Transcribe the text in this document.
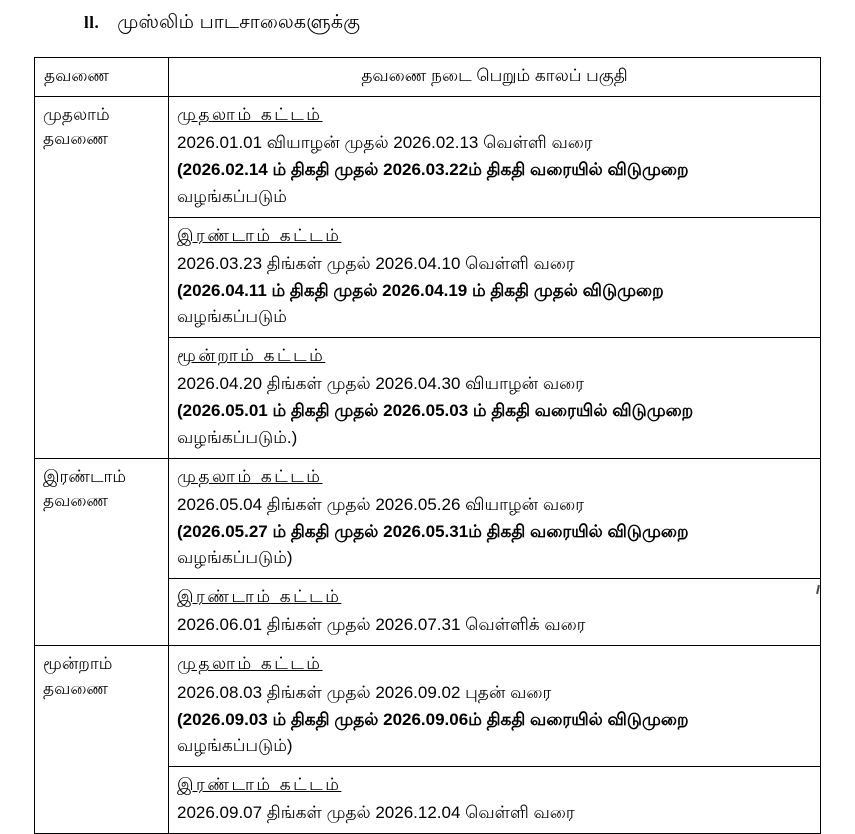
ll. முஸ்லிம் பாடசாலைகளுக்கு
தவணை	தவணை நடை பெறும் காலப் பகுதி

முதலாம்
தவணை	முதலாம் கட்டம்
2026.01.01 வியாழன் முதல் 2026.02.13 வெள்ளி வரை
(2026.02.14 ம் திகதி முதல் 2026.03.22ம் திகதி வரையில் விடுமுறை
வழங்கப்படும்

	இரண்டாம் கட்டம்
2026.03.23 திங்கள் முதல் 2026.04.10 வெள்ளி வரை
(2026.04.11 ம் திகதி முதல் 2026.04.19 ம் திகதி முதல் விடுமுறை
வழங்கப்படும்

	மூன்றாம் கட்டம்
2026.04.20 திங்கள் முதல் 2026.04.30 வியாழன் வரை
(2026.05.01 ம் திகதி முதல் 2026.05.03 ம் திகதி வரையில் விடுமுறை
வழங்கப்படும்.)

இரண்டாம்
தவணை	முதலாம் கட்டம்
2026.05.04 திங்கள் முதல் 2026.05.26 வியாழன் வரை
(2026.05.27 ம் திகதி முதல் 2026.05.31ம் திகதி வரையில் விடுமுறை
வழங்கப்படும்)

	இரண்டாம் கட்டம்
2026.06.01 திங்கள் முதல் 2026.07.31 வெள்ளிக் வரை

மூன்றாம்
தவணை	முதலாம் கட்டம்
2026.08.03 திங்கள் முதல் 2026.09.02 புதன் வரை
(2026.09.03 ம் திகதி முதல் 2026.09.06ம் திகதி வரையில் விடுமுறை
வழங்கப்படும்)

	இரண்டாம் கட்டம்
2026.09.07 திங்கள் முதல் 2026.12.04 வெள்ளி வரை
